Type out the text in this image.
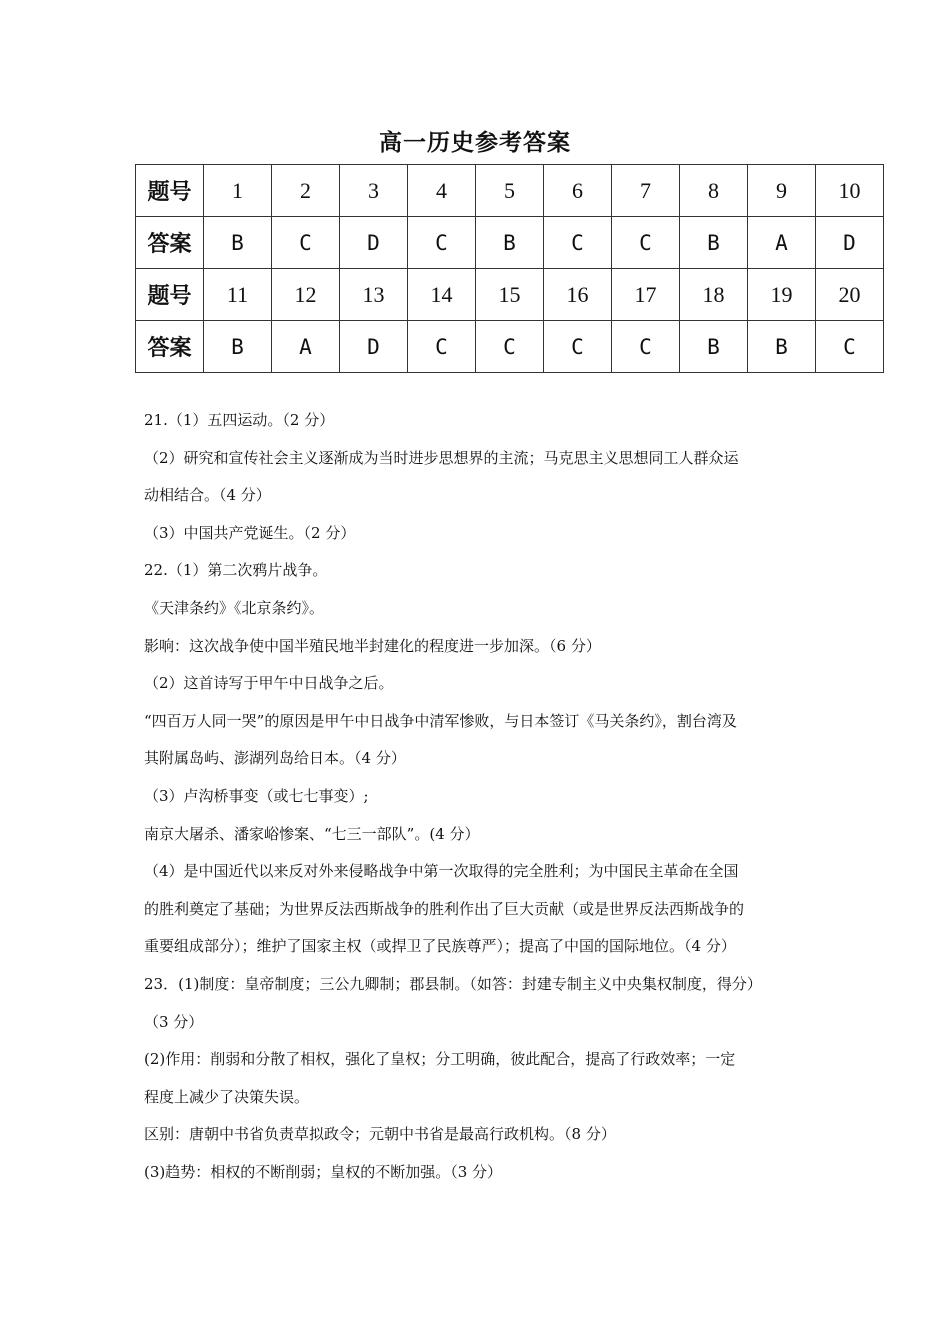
高一历史参考答案
题号	1	2	3	4	5	6	7	8	9	10
答案	B	C	D	C	B	C	C	B	A	D
题号	11	12	13	14	15	16	17	18	19	20
答案	B	A	D	C	C	C	C	B	B	C

21.（1）五四运动。（2 分）

（2）研究和宣传社会主义逐渐成为当时进步思想界的主流；马克思主义思想同工人群众运

动相结合。（4 分）

（3）中国共产党诞生。（2 分）

22.（1）第二次鸦片战争。

《天津条约》《北京条约》。

影响：这次战争使中国半殖民地半封建化的程度进一步加深。（6 分）

（2）这首诗写于甲午中日战争之后。

“四百万人同一哭”的原因是甲午中日战争中清军惨败，与日本签订《马关条约》，割台湾及

其附属岛屿、澎湖列岛给日本。（4 分）

（3）卢沟桥事变（或七七事变）;

南京大屠杀、潘家峪惨案、“七三一部队”。(4 分）

（4）是中国近代以来反对外来侵略战争中第一次取得的完全胜利；为中国民主革命在全国

的胜利奠定了基础；为世界反法西斯战争的胜利作出了巨大贡献（或是世界反法西斯战争的

重要组成部分）；维护了国家主权（或捍卫了民族尊严）；提高了中国的国际地位。（4 分）

23．(1)制度：皇帝制度；三公九卿制；郡县制。（如答：封建专制主义中央集权制度，得分）

（3 分）

(2)作用：削弱和分散了相权，强化了皇权；分工明确，彼此配合，提高了行政效率；一定

程度上减少了决策失误。

区别：唐朝中书省负责草拟政令；元朝中书省是最高行政机构。（8 分）

(3)趋势：相权的不断削弱；皇权的不断加强。（3 分）
